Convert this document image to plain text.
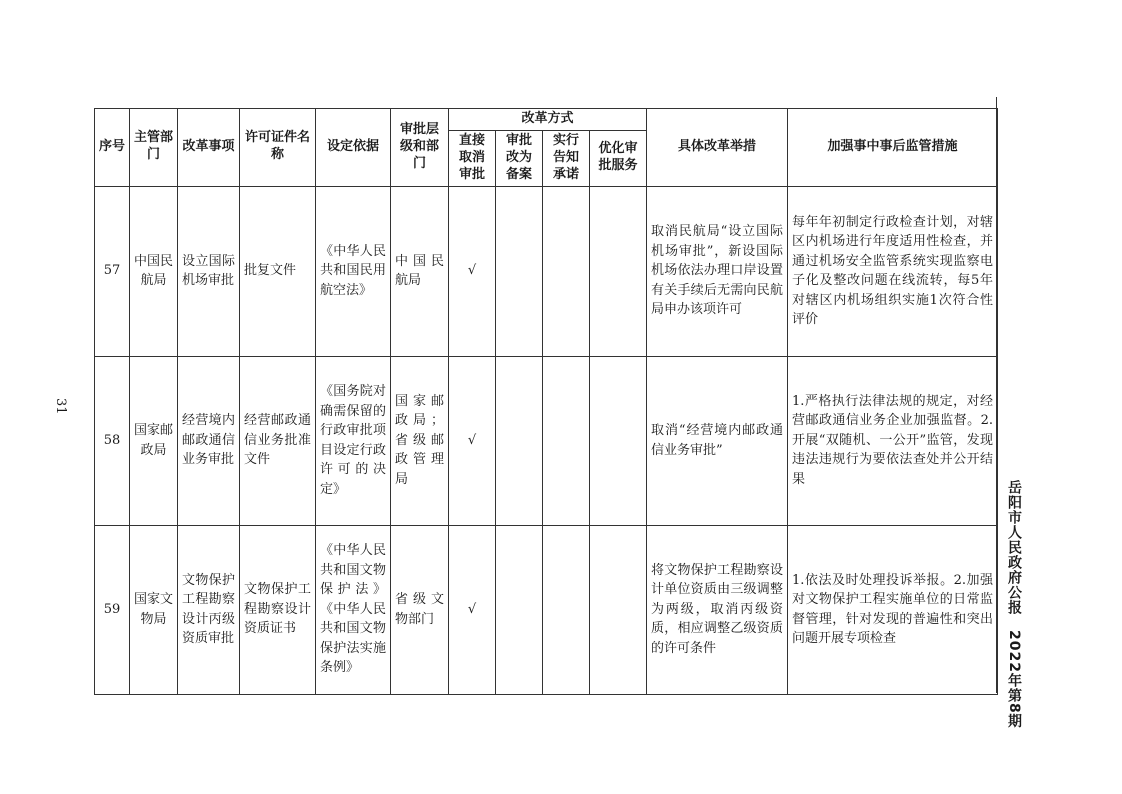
31
岳阳市人民政府公报　2022年第8期
序号	主管部门	改革事项	许可证件名称	设定依据	审批层级和部门	改革方式				具体改革举措	加强事中事后监管措施
						直接取消审批	审批改为备案	实行告知承诺	优化审批服务		
57	中国民航局	设立国际机场审批	批复文件	《中华人民共和国民用航空法》	中国民航局	√				取消民航局“设立国际机场审批”，新设国际机场依法办理口岸设置有关手续后无需向民航局申办该项许可	每年年初制定行政检查计划，对辖区内机场进行年度适用性检查，并通过机场安全监管系统实现监察电子化及整改问题在线流转，每5年对辖区内机场组织实施1次符合性评价
58	国家邮政局	经营境内邮政通信业务审批	经营邮政通信业务批准文件	《国务院对确需保留的行政审批项目设定行政许可的决定》	国家邮政局；省级邮政管理局	√				取消“经营境内邮政通信业务审批”	1.严格执行法律法规的规定，对经营邮政通信业务企业加强监督。2.开展“双随机、一公开”监管，发现违法违规行为要依法查处并公开结果
59	国家文物局	文物保护工程勘察设计丙级资质审批	文物保护工程勘察设计资质证书	《中华人民共和国文物保护法》《中华人民共和国文物保护法实施条例》	省级文物部门	√				将文物保护工程勘察设计单位资质由三级调整为两级，取消丙级资质，相应调整乙级资质的许可条件	1.依法及时处理投诉举报。2.加强对文物保护工程实施单位的日常监督管理，针对发现的普遍性和突出问题开展专项检查
